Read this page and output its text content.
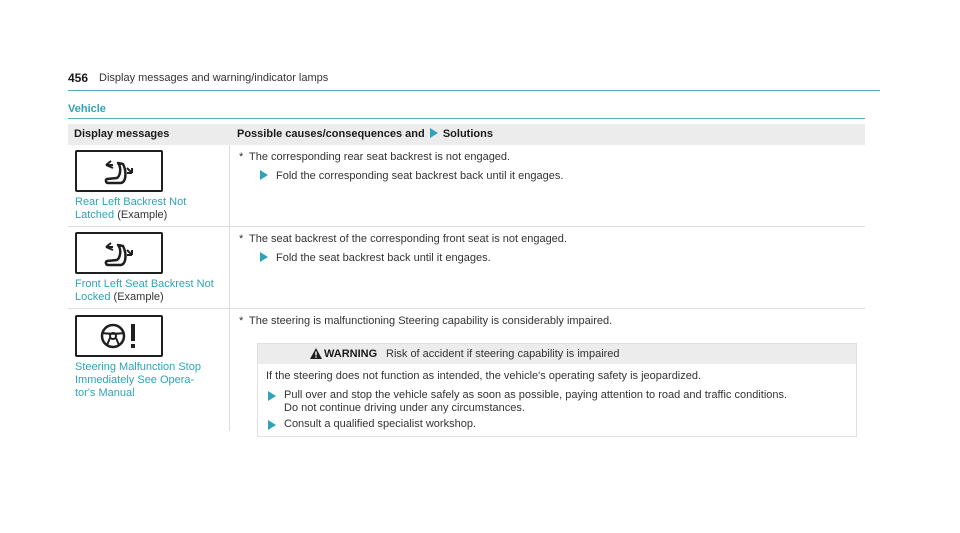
456 Display messages and warning/indicator lamps
Vehicle
Display messages	Possible causes/consequences and Solutions
Rear Left Backrest Not Latched (Example)
* The corresponding rear seat backrest is not engaged.
Fold the corresponding seat backrest back until it engages.
Front Left Seat Backrest Not Locked (Example)
* The seat backrest of the corresponding front seat is not engaged.
Fold the seat backrest back until it engages.
Steering Malfunction Stop
Immediately See Opera-
tor's Manual
* The steering is malfunctioning Steering capability is considerably impaired.
WARNING Risk of accident if steering capability is impaired
If the steering does not function as intended, the vehicle's operating safety is jeopardized.
Pull over and stop the vehicle safely as soon as possible, paying attention to road and traffic conditions.
Do not continue driving under any circumstances.
Consult a qualified specialist workshop.
